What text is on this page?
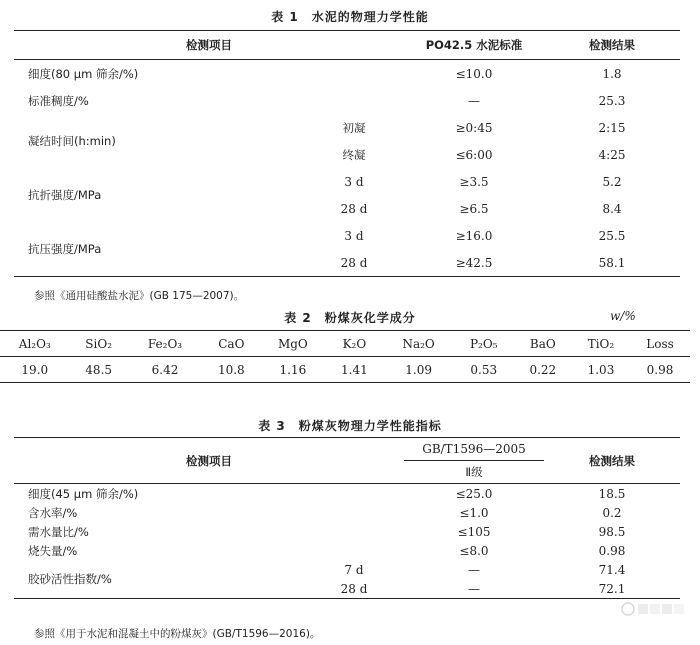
表 1　水泥的物理力学性能
检测项目		PO42.5 水泥标准	检测结果
细度(80 μm 筛余/%)		≤10.0	1.8
标准稠度/%		—	25.3
凝结时间(h:min)	初凝	≥0:45	2:15
	终凝	≤6:00	4:25
抗折强度/MPa	3 d	≥3.5	5.2
	28 d	≥6.5	8.4
抗压强度/MPa	3 d	≥16.0	25.5
	28 d	≥42.5	58.1
参照《通用硅酸盐水泥》(GB 175—2007)。
表 2　粉煤灰化学成分	w/%
Al₂O₃	SiO₂	Fe₂O₃	CaO	MgO	K₂O	Na₂O	P₂O₅	BaO	TiO₂	Loss
19.0	48.5	6.42	10.8	1.16	1.41	1.09	0.53	0.22	1.03	0.98
表 3　粉煤灰物理力学性能指标
检测项目		GB/T1596—2005	检测结果
		Ⅱ级	
细度(45 μm 筛余/%)		≤25.0	18.5
含水率/%		≤1.0	0.2
需水量比/%		≤105	98.5
烧失量/%		≤8.0	0.98
胶砂活性指数/%	7 d	—	71.4
	28 d	—	72.1
参照《用于水泥和混凝土中的粉煤灰》(GB/T1596—2016)。
